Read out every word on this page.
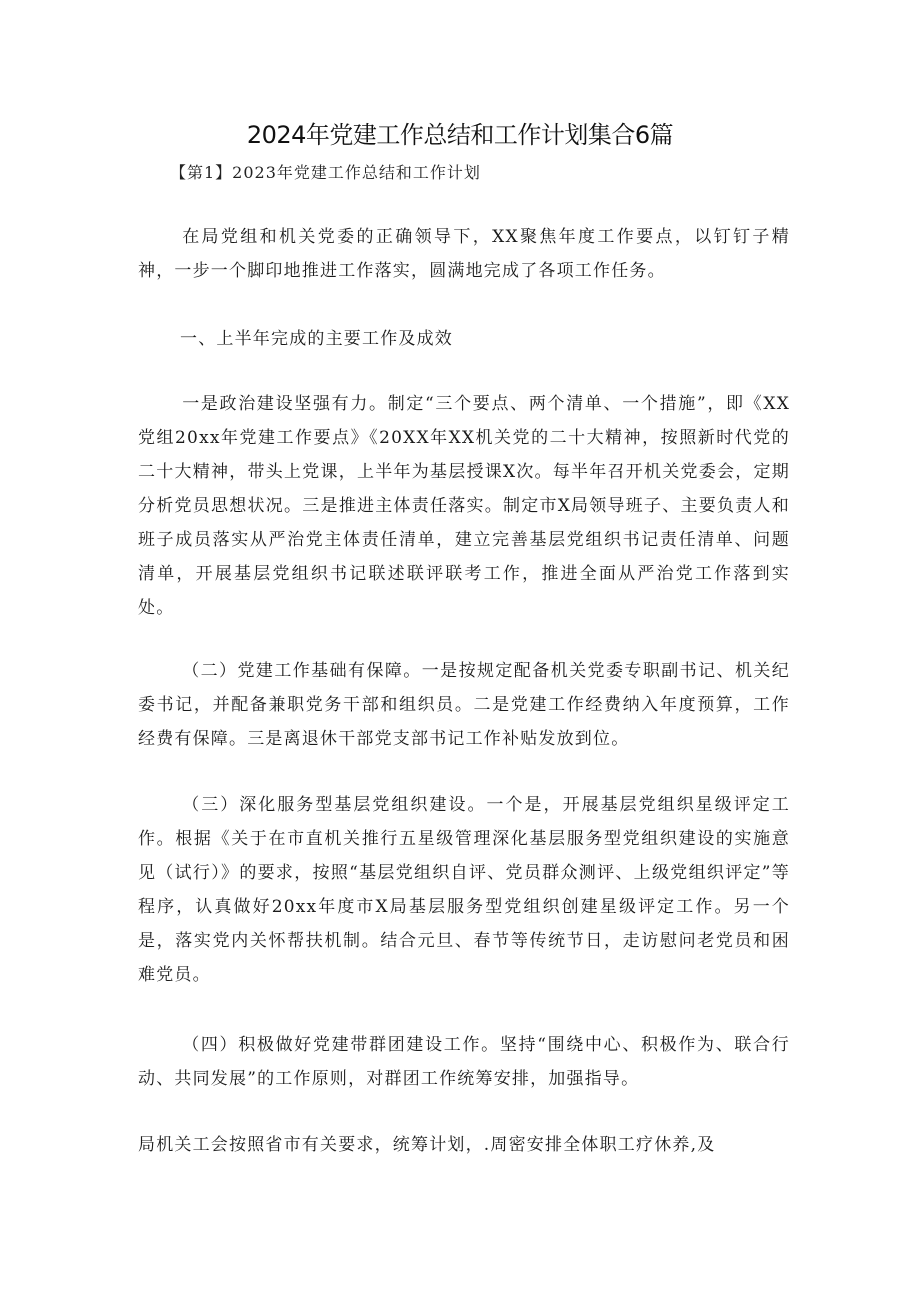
2024年党建工作总结和工作计划集合6篇
【第1】2023年党建工作总结和工作计划

在局党组和机关党委的正确领导下，XX聚焦年度工作要点，以钉钉子精神，一步一个脚印地推进工作落实，圆满地完成了各项工作任务。

一、上半年完成的主要工作及成效

一是政治建设坚强有力。制定“三个要点、两个清单、一个措施”，即《XX党组20xx年党建工作要点》《20XX年XX机关党的二十大精神，按照新时代党的二十大精神，带头上党课，上半年为基层授课X次。每半年召开机关党委会，定期分析党员思想状况。三是推进主体责任落实。制定市X局领导班子、主要负责人和班子成员落实从严治党主体责任清单，建立完善基层党组织书记责任清单、问题清单，开展基层党组织书记联述联评联考工作，推进全面从严治党工作落到实处。

（二）党建工作基础有保障。一是按规定配备机关党委专职副书记、机关纪委书记，并配备兼职党务干部和组织员。二是党建工作经费纳入年度预算，工作经费有保障。三是离退休干部党支部书记工作补贴发放到位。

（三）深化服务型基层党组织建设。一个是，开展基层党组织星级评定工作。根据《关于在市直机关推行五星级管理深化基层服务型党组织建设的实施意见（试行）》的要求，按照“基层党组织自评、党员群众测评、上级党组织评定”等程序，认真做好20xx年度市X局基层服务型党组织创建星级评定工作。另一个是，落实党内关怀帮扶机制。结合元旦、春节等传统节日，走访慰问老党员和困难党员。

（四）积极做好党建带群团建设工作。坚持“围绕中心、积极作为、联合行动、共同发展”的工作原则，对群团工作统筹安排，加强指导。

局机关工会按照省市有关要求，统筹计划，.周密安排全体职工疗休养,及
